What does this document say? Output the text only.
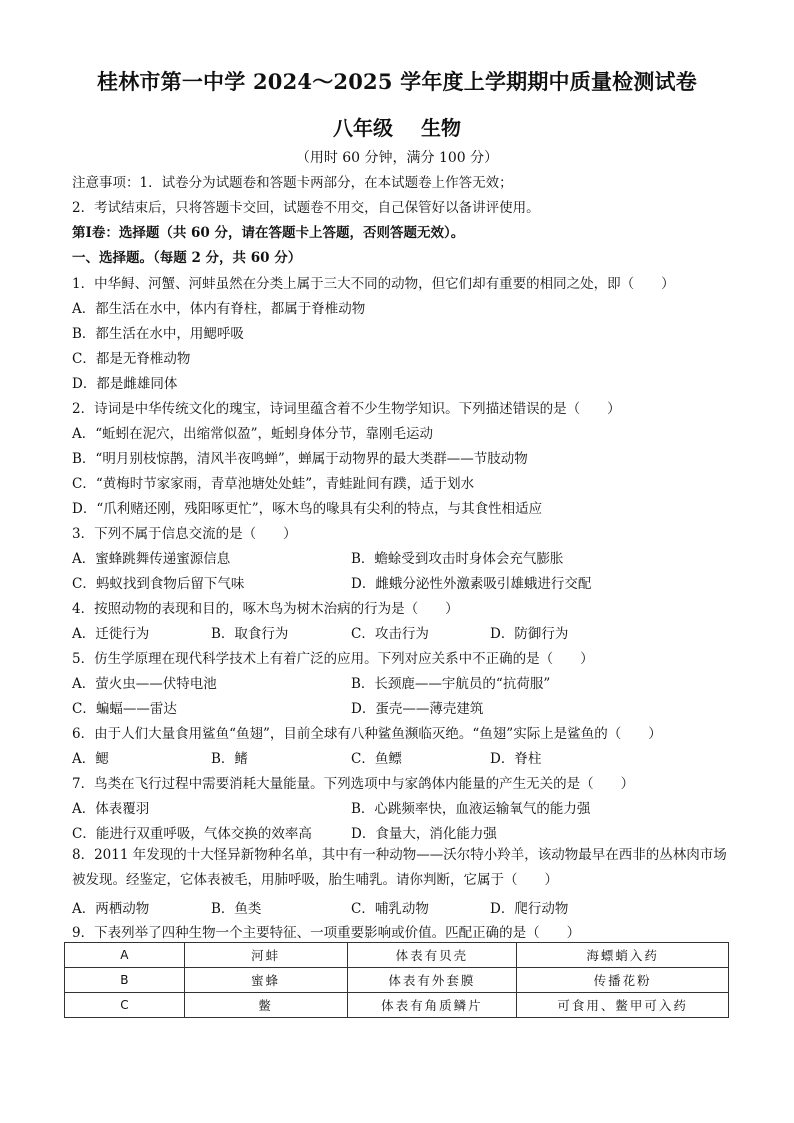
桂林市第一中学 2024～2025 学年度上学期期中质量检测试卷
八年级 生物
（用时 60 分钟，满分 100 分）
注意事项：1．试卷分为试题卷和答题卡两部分，在本试题卷上作答无效；
2．考试结束后，只将答题卡交回，试题卷不用交，自己保管好以备讲评使用。
第Ⅰ卷：选择题（共 60 分，请在答题卡上答题，否则答题无效）。
一、选择题。（每题 2 分，共 60 分）
1．中华鲟、河蟹、河蚌虽然在分类上属于三大不同的动物，但它们却有重要的相同之处，即（　　）
A．都生活在水中，体内有脊柱，都属于脊椎动物
B．都生活在水中，用鳃呼吸
C．都是无脊椎动物
D．都是雌雄同体
2．诗词是中华传统文化的瑰宝，诗词里蕴含着不少生物学知识。下列描述错误的是（　　）
A．“蚯蚓在泥穴，出缩常似盈”，蚯蚓身体分节，靠刚毛运动
B．“明月别枝惊鹊，清风半夜鸣蝉”，蝉属于动物界的最大类群——节肢动物
C．“黄梅时节家家雨，青草池塘处处蛙”，青蛙趾间有蹼，适于划水
D．“爪利赌还刚，残阳啄更忙”，啄木鸟的喙具有尖利的特点，与其食性相适应
3．下列不属于信息交流的是（　　）
A．蜜蜂跳舞传递蜜源信息	B．蟾蜍受到攻击时身体会充气膨胀
C．蚂蚁找到食物后留下气味	D．雌蛾分泌性外激素吸引雄蛾进行交配
4．按照动物的表现和目的，啄木鸟为树木治病的行为是（　　）
A．迁徙行为	B．取食行为	C．攻击行为	D．防御行为
5．仿生学原理在现代科学技术上有着广泛的应用。下列对应关系中不正确的是（　　）
A．萤火虫——伏特电池	B．长颈鹿——宇航员的“抗荷服”
C．蝙蝠——雷达	D．蛋壳——薄壳建筑
6．由于人们大量食用鲨鱼“鱼翅”，目前全球有八种鲨鱼濒临灭绝。“鱼翅”实际上是鲨鱼的（　　）
A．鳃	B．鳍	C．鱼鳔	D．脊柱
7．鸟类在飞行过程中需要消耗大量能量。下列选项中与家鸽体内能量的产生无关的是（　　）
A．体表覆羽	B．心跳频率快，血液运输氧气的能力强
C．能进行双重呼吸，气体交换的效率高	D．食量大，消化能力强
8．2011 年发现的十大怪异新物种名单，其中有一种动物——沃尔特小羚羊，该动物最早在西非的丛林肉市场被发现。经鉴定，它体表被毛，用肺呼吸，胎生哺乳。请你判断，它属于（　　）
A．两栖动物	B．鱼类	C．哺乳动物	D．爬行动物
9．下表列举了四种生物一个主要特征、一项重要影响或价值。匹配正确的是（　　）
A	河蚌	体表有贝壳	海螵蛸入药
B	蜜蜂	体表有外套膜	传播花粉
C	鳖	体表有角质鳞片	可食用、鳖甲可入药
